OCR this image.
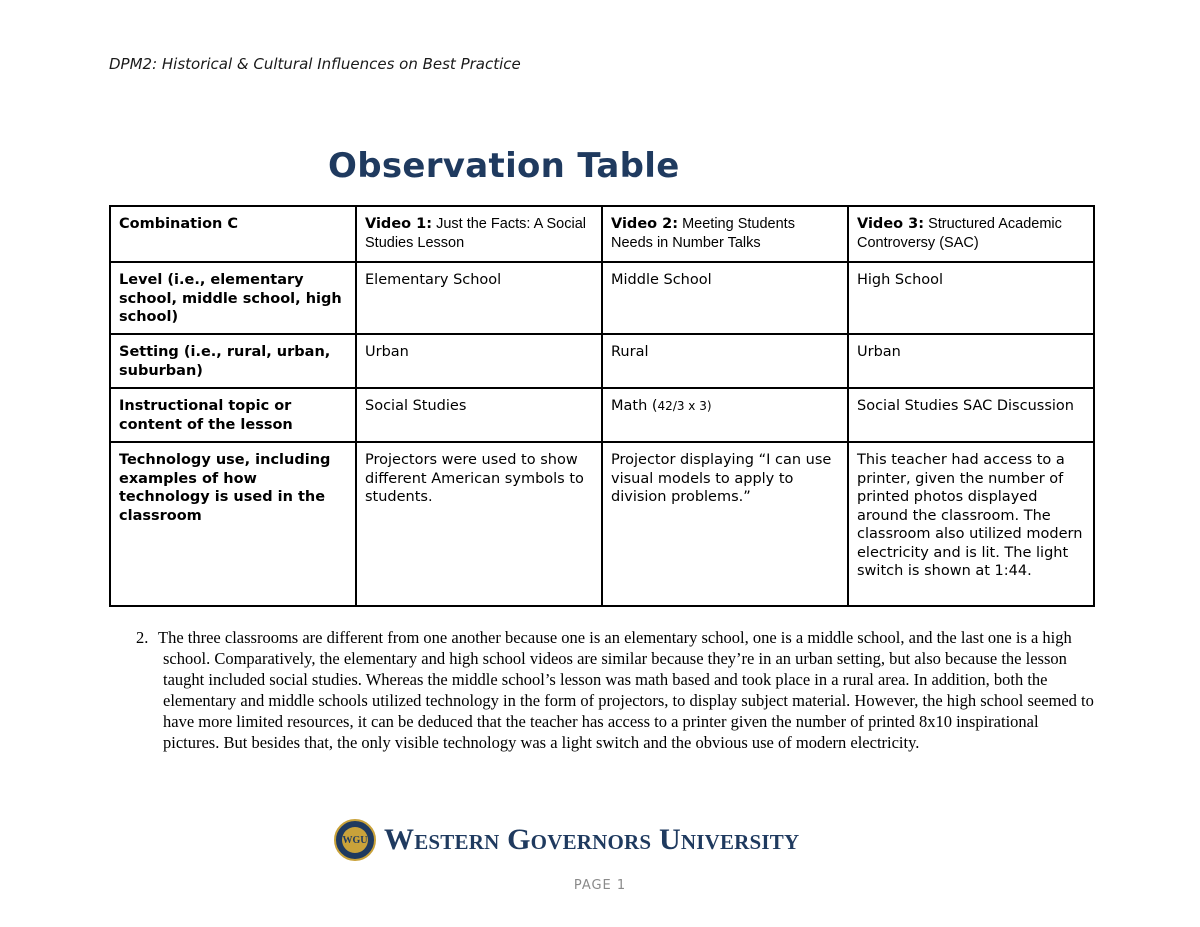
DPM2: Historical & Cultural Influences on Best Practice
Observation Table
Combination C	Video 1: Just the Facts: A Social Studies Lesson	Video 2: Meeting Students Needs in Number Talks	Video 3: Structured Academic Controversy (SAC)
Level (i.e., elementary school, middle school, high school)	Elementary School	Middle School	High School
Setting (i.e., rural, urban, suburban)	Urban	Rural	Urban
Instructional topic or content of the lesson	Social Studies	Math (42/3 x 3)	Social Studies SAC Discussion
Technology use, including examples of how technology is used in the classroom	Projectors were used to show different American symbols to students.	Projector displaying “I can use visual models to apply to division problems.”	This teacher had access to a printer, given the number of printed photos displayed around the classroom. The classroom also utilized modern electricity and is lit. The light switch is shown at 1:44.
2. The three classrooms are different from one another because one is an elementary school, one is a middle school, and the last one is a high school. Comparatively, the elementary and high school videos are similar because they’re in an urban setting, but also because the lesson taught included social studies. Whereas the middle school’s lesson was math based and took place in a rural area. In addition, both the elementary and middle schools utilized technology in the form of projectors, to display subject material. However, the high school seemed to have more limited resources, it can be deduced that the teacher has access to a printer given the number of printed 8x10 inspirational pictures. But besides that, the only visible technology was a light switch and the obvious use of modern electricity.
WGU Western Governors University
PAGE 1
